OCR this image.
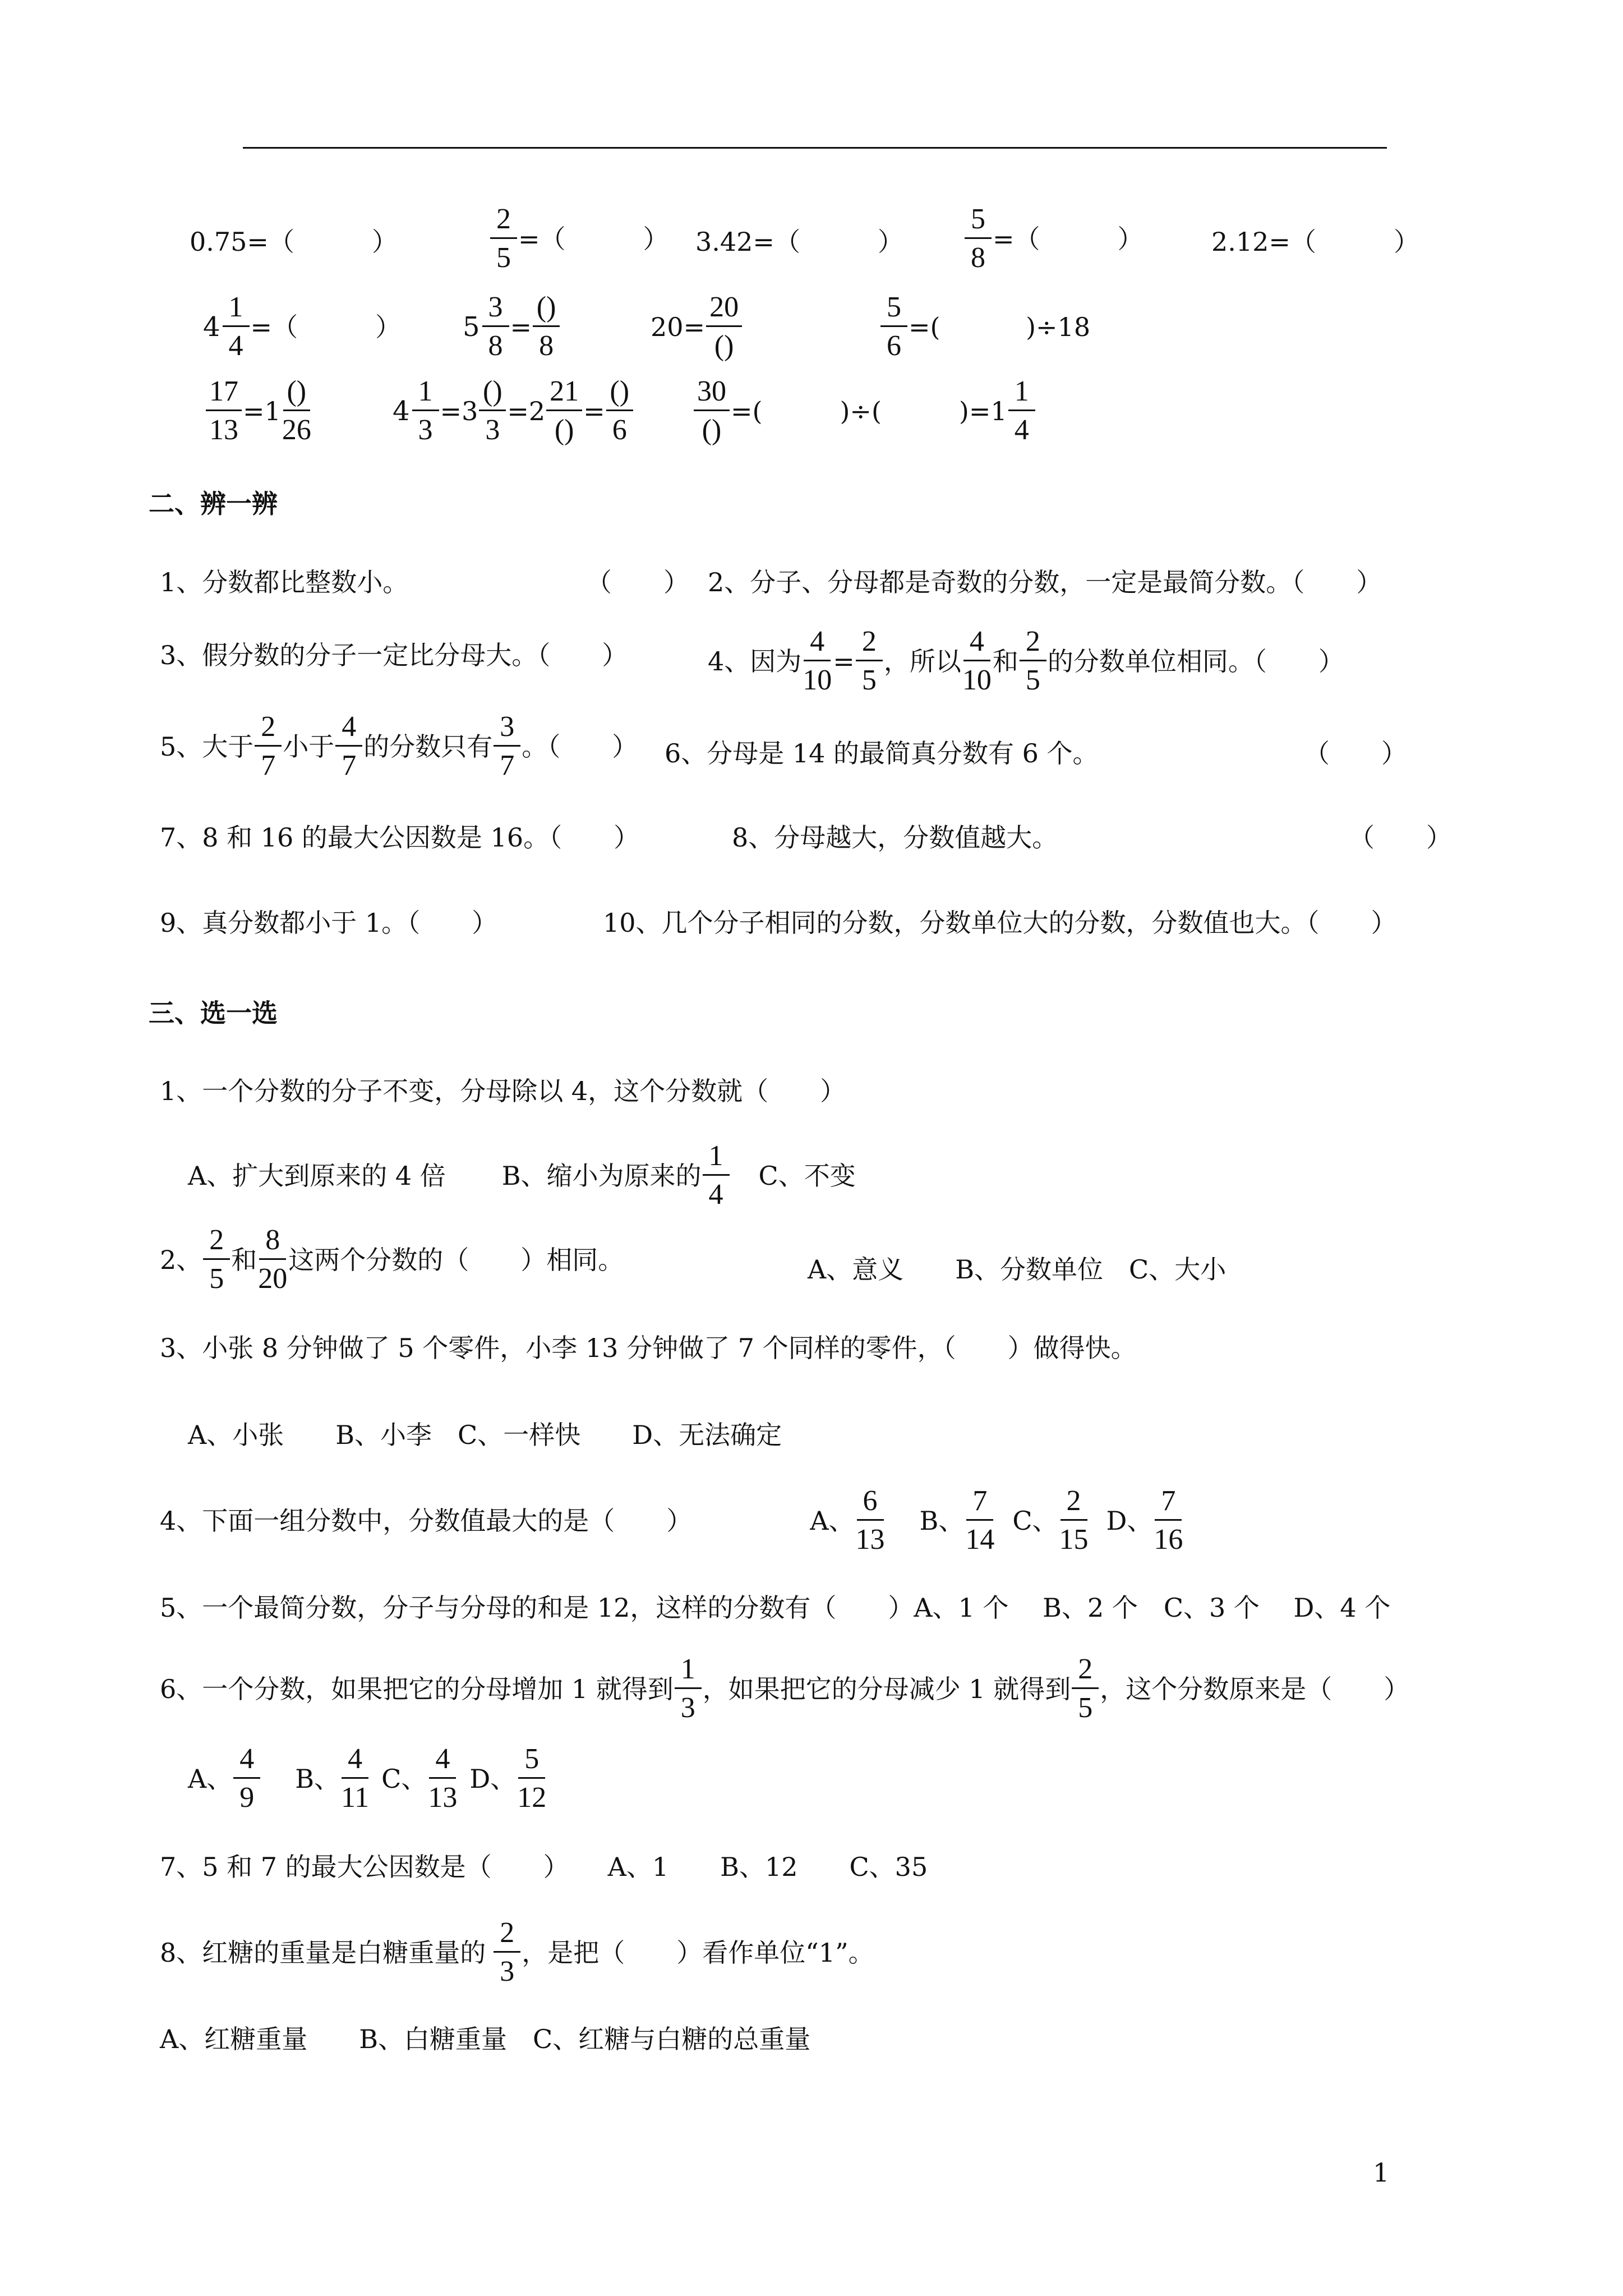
0.75=（　　　）	$\frac{2}{5}$ =（　　　） 3.42=（　　　） $\frac{5}{8}$ =（　　　）	2.12=（　　　）
$4 \frac{1}{4}$ =（　　　） $5 \frac{3}{8} = \frac{()}{8}$	$20= \frac{20}{()}$	$\frac{5}{6}$ =(　　　 )÷18
$\frac{17}{13} =1 \frac{()}{26}$	$4 \frac{1}{3} =3 \frac{()}{3} =2 \frac{21}{()} = \frac{()}{6} \frac{30}{()}$ =(　　　)÷(　　　)$=1 \frac{1}{4}$
二、辨一辨
1、分数都比整数小。	（　　） 2、分子、分母都是奇数的分数，一定是最简分数。（　　）
3、假分数的分子一定比分母大。（　　）	4、因为 $\frac{4}{10} = \frac{2}{5}$ ，所以 $\frac{4}{10}$ 和 $\frac{2}{5}$ 的分数单位相同。（　　）
5、大于 $\frac{2}{7}$ 小于 $\frac{4}{7}$ 的分数只有 $\frac{3}{7}$ 。（　　） 6、分母是 14 的最简真分数有 6 个。	（　　）
7、8 和 16 的最大公因数是 16。（　　）	8、分母越大，分数值越大。	（　　）
9、真分数都小于 1。（　　）	10、几个分子相同的分数，分数单位大的分数，分数值也大。（　　）
三、选一选
1、一个分数的分子不变，分母除以 4，这个分数就（　　）
A、扩大到原来的 4 倍 B、缩小为原来的 $\frac{1}{4}$ C、不变
2、 $\frac{2}{5}$ 和 $\frac{8}{20}$ 这两个分数的（　　）相同。	A、意义　　B、分数单位　C、大小
3、小张 8 分钟做了 5 个零件，小李 13 分钟做了 7 个同样的零件，（　　）做得快。
A、小张　　B、小李　C、一样快　　D、无法确定
4、下面一组分数中，分数值最大的是（　　）	A、 $\frac{6}{13}$ B、 $\frac{7}{14}$ C、 $\frac{2}{15}$ D、 $\frac{7}{16}$
5、一个最简分数，分子与分母的和是 12，这样的分数有（　　）A、1 个　 B、2 个　C、3 个　 D、4 个
6、一个分数，如果把它的分母增加 1 就得到 $\frac{1}{3}$ ，如果把它的分母减少 1 就得到 $\frac{2}{5}$ ，这个分数原来是（　　）
A、 $\frac{4}{9}$ B、 $\frac{4}{11}$ C、 $\frac{4}{13}$ D、 $\frac{5}{12}$
7、5 和 7 的最大公因数是（　　）　　A、1　　B、12　　C、35
8、红糖的重量是白糖重量的 $\frac{2}{3}$ ，是把（　　）看作单位“1”。
A、红糖重量　　B、白糖重量　C、红糖与白糖的总重量
1
